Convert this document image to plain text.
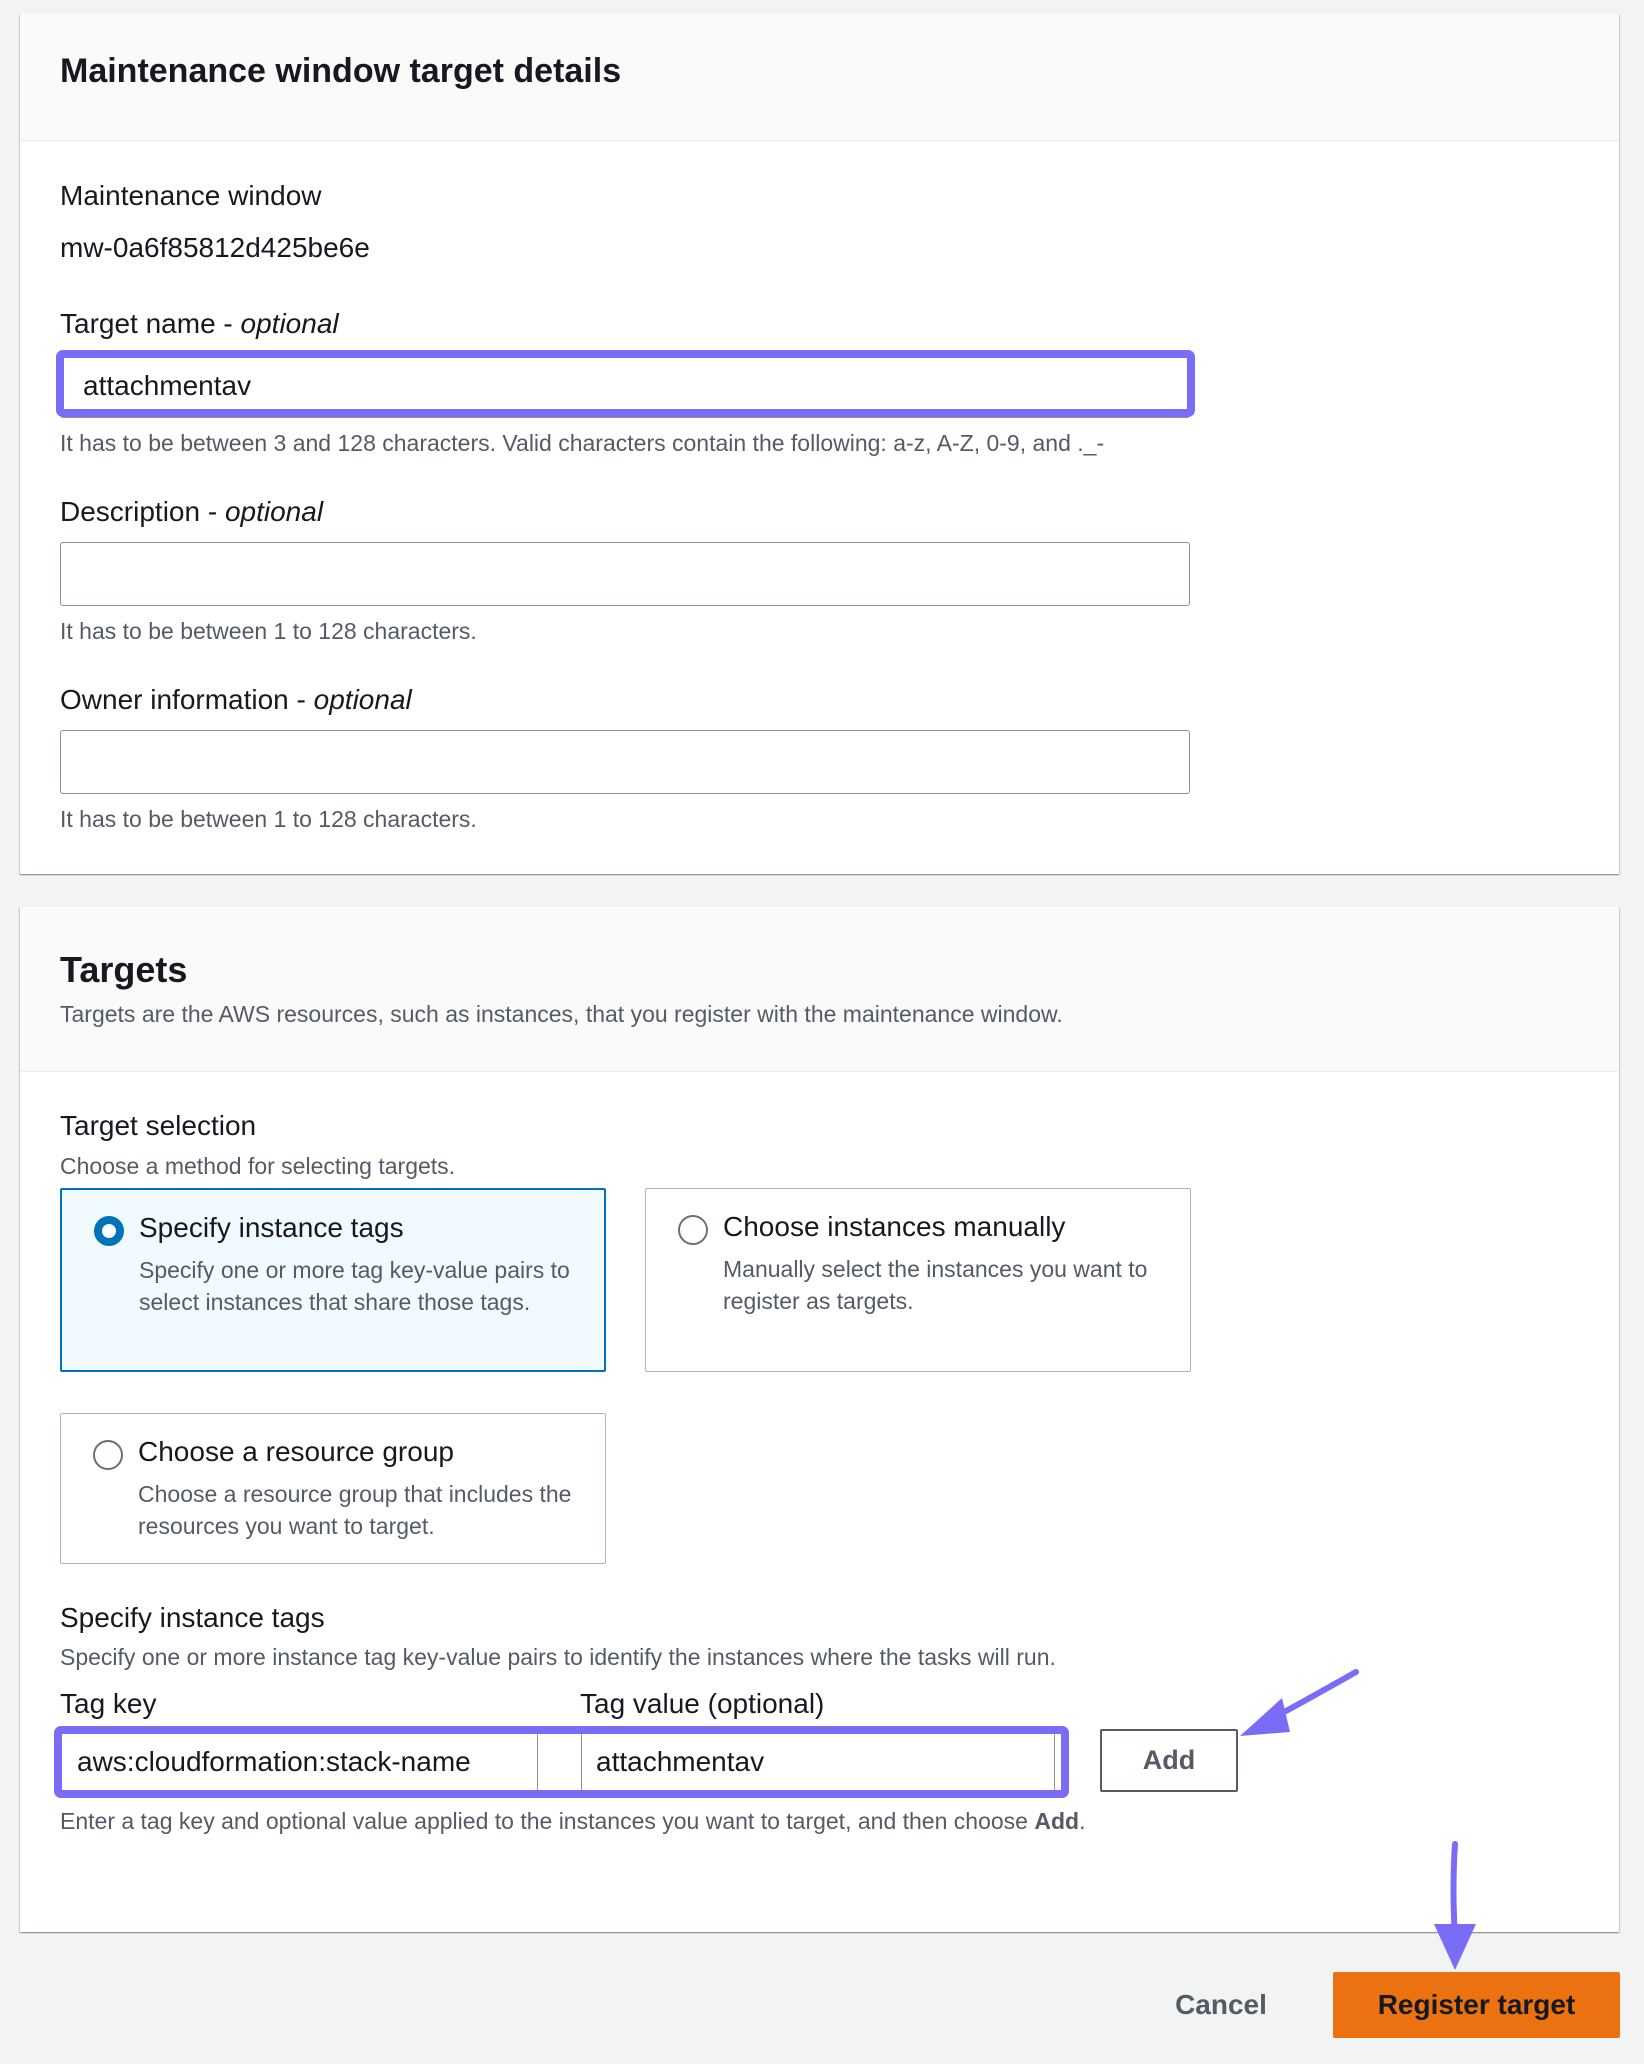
Maintenance window target details
Maintenance window
mw-0a6f85812d425be6e
Target name - optional
attachmentav
It has to be between 3 and 128 characters. Valid characters contain the following: a-z, A-Z, 0-9, and ._-
Description - optional
It has to be between 1 to 128 characters.
Owner information - optional
It has to be between 1 to 128 characters.
Targets
Targets are the AWS resources, such as instances, that you register with the maintenance window.
Target selection
Choose a method for selecting targets.
Specify instance tags
Specify one or more tag key-value pairs to select instances that share those tags.
Choose instances manually
Manually select the instances you want to register as targets.
Choose a resource group
Choose a resource group that includes the resources you want to target.
Specify instance tags
Specify one or more instance tag key-value pairs to identify the instances where the tasks will run.
Tag key	Tag value (optional)
aws:cloudformation:stack-name	attachmentav	Add
Enter a tag key and optional value applied to the instances you want to target, and then choose Add.
Cancel	Register target
